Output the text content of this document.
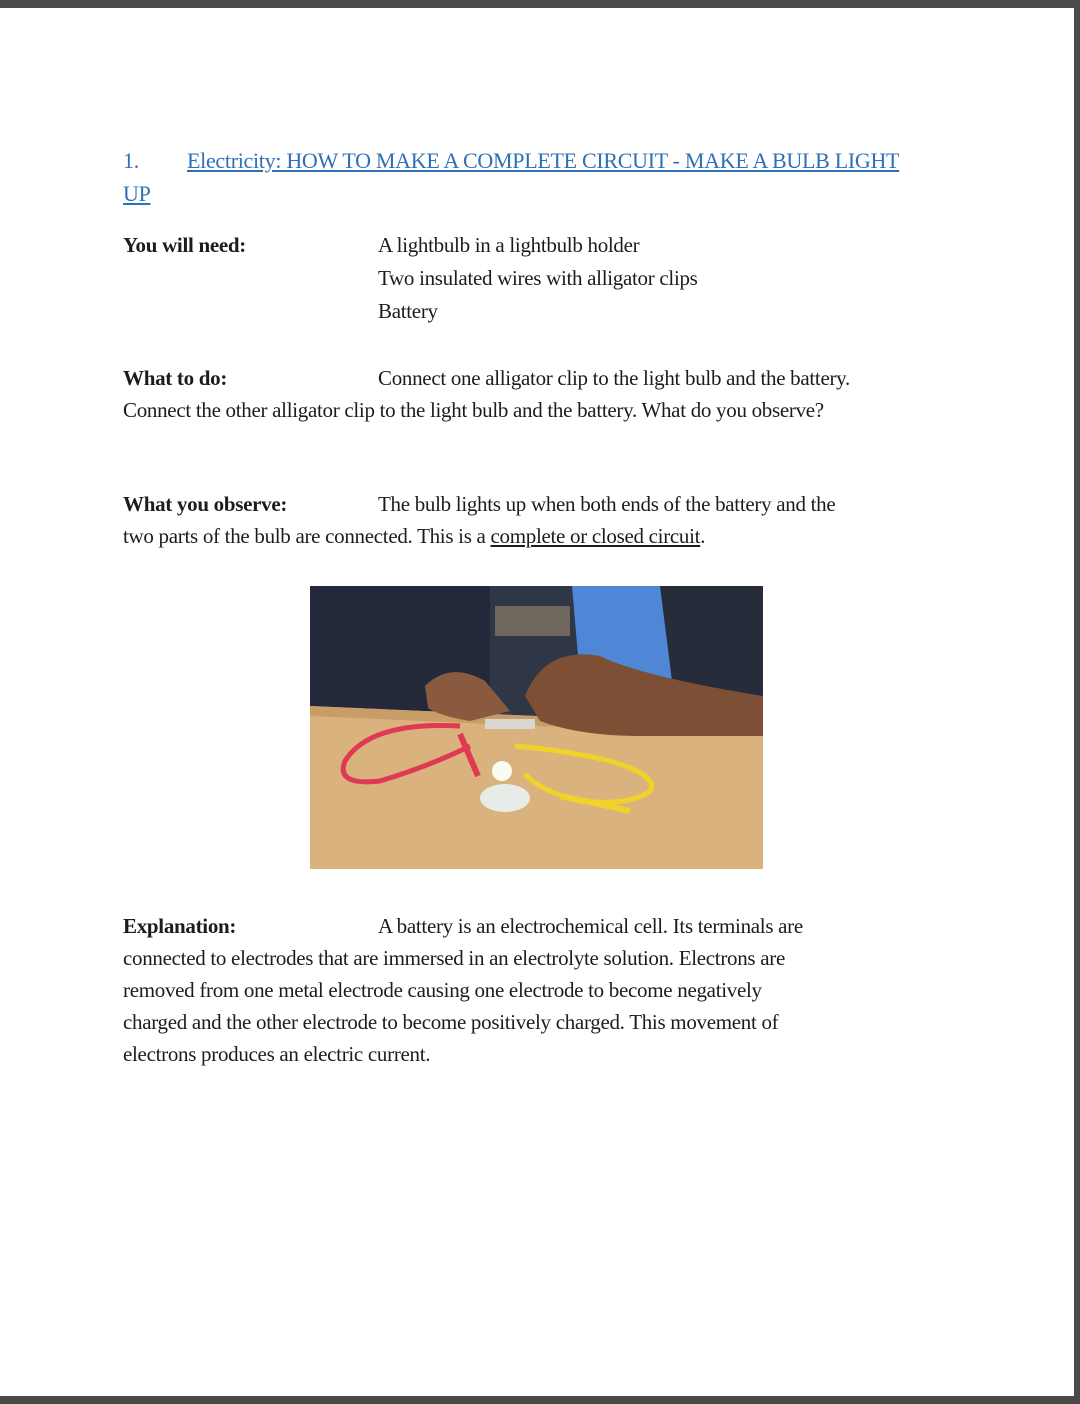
1. Electricity: HOW TO MAKE A COMPLETE CIRCUIT - MAKE A BULB LIGHT UP
You will need:	A lightbulb in a lightbulb holder
Two insulated wires with alligator clips
Battery
What to do:	Connect one alligator clip to the light bulb and the battery.
Connect the other alligator clip to the light bulb and the battery. What do you observe?
What you observe:	The bulb lights up when both ends of the battery and the
two parts of the bulb are connected. This is a complete or closed circuit.
Explanation:	A battery is an electrochemical cell. Its terminals are
connected to electrodes that are immersed in an electrolyte solution. Electrons are
removed from one metal electrode causing one electrode to become negatively
charged and the other electrode to become positively charged. This movement of
electrons produces an electric current.
